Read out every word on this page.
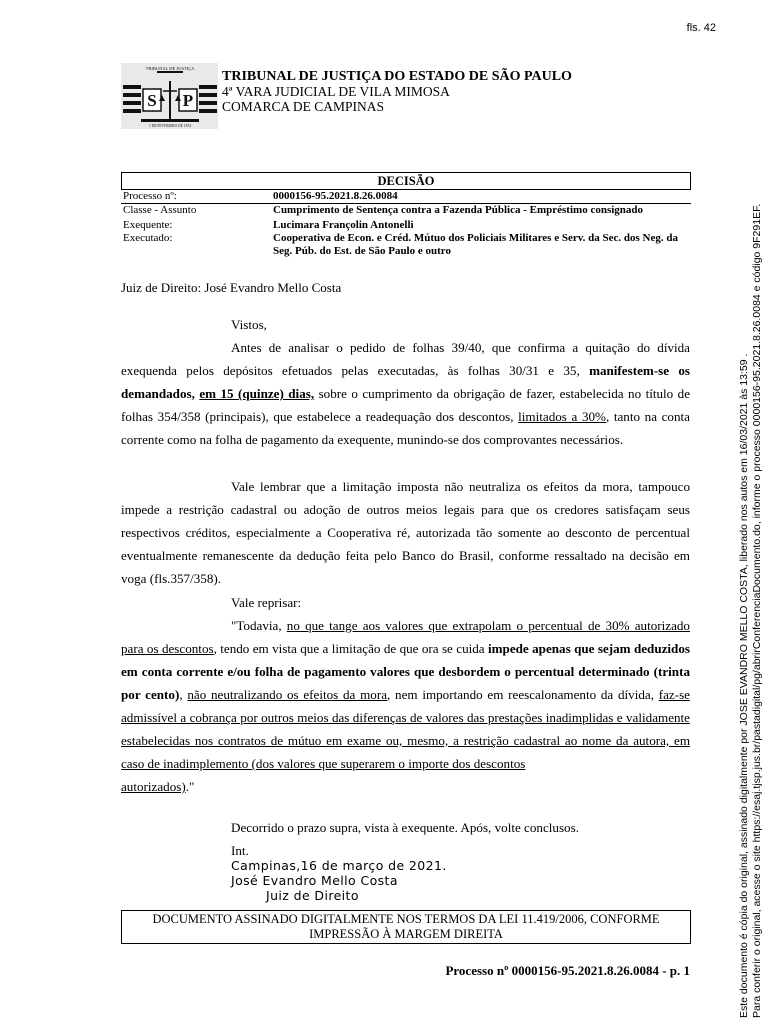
fls. 42
S P
TRIBUNAL DE JUSTIÇA
1 DE FEVEREIRO DE 1874
TRIBUNAL DE JUSTIÇA DO ESTADO DE SÃO PAULO
4ª VARA JUDICIAL DE VILA MIMOSA
COMARCA DE CAMPINAS
DECISÃO
Processo nº:	0000156-95.2021.8.26.0084
Classe - Assunto	Cumprimento de Sentença contra a Fazenda Pública - Empréstimo consignado
Exequente:	Lucimara Françolin Antonelli
Executado:	Cooperativa de Econ. e Créd. Mútuo dos Policiais Militares e Serv. da Sec. dos Neg. da Seg. Púb. do Est. de São Paulo e outro
Juiz de Direito: José Evandro Mello Costa
Vistos,
Antes de analisar o pedido de folhas 39/40, que confirma a quitação do dívida exequenda pelos depósitos efetuados pelas executadas, às folhas 30/31 e 35, manifestem-se os demandados, em 15 (quinze) dias, sobre o cumprimento da obrigação de fazer, estabelecida no título de folhas 354/358 (principais), que estabelece a readequação dos descontos, limitados a 30%, tanto na conta corrente como na folha de pagamento da exequente, munindo-se dos comprovantes necessários.
Vale lembrar que a limitação imposta não neutraliza os efeitos da mora, tampouco impede a restrição cadastral ou adoção de outros meios legais para que os credores satisfaçam seus respectivos créditos, especialmente a Cooperativa ré, autorizada tão somente ao desconto de percentual eventualmente remanescente da dedução feita pelo Banco do Brasil, conforme ressaltado na decisão em voga (fls.357/358).
Vale reprisar:
"Todavia, no que tange aos valores que extrapolam o percentual de 30% autorizado para os descontos, tendo em vista que a limitação de que ora se cuida impede apenas que sejam deduzidos em conta corrente e/ou folha de pagamento valores que desbordem o percentual determinado (trinta por cento), não neutralizando os efeitos da mora, nem importando em reescalonamento da dívida, faz-se admissível a cobrança por outros meios das diferenças de valores das prestações inadimplidas e validamente estabelecidas nos contratos de mútuo em exame ou, mesmo, a restrição cadastral ao nome da autora, em caso de inadimplemento (dos valores que superarem o importe dos descontos
autorizados)."
Decorrido o prazo supra, vista à exequente. Após, volte conclusos.
Int.
Campinas,16 de março de 2021.
José Evandro Mello Costa
Juiz de Direito
DOCUMENTO ASSINADO DIGITALMENTE NOS TERMOS DA LEI 11.419/2006, CONFORME IMPRESSÃO À MARGEM DIREITA
Processo nº 0000156-95.2021.8.26.0084 - p. 1	Este documento é cópia do original, assinado digitalmente por JOSE EVANDRO MELLO COSTA, liberado nos autos em 16/03/2021 às 13:59 . Para conferir o original, acesse o site https://esaj.tjsp.jus.br/pastadigital/pg/abrirConferenciaDocumento.do, informe o processo 0000156-95.2021.8.26.0084 e código 9F291EF.
